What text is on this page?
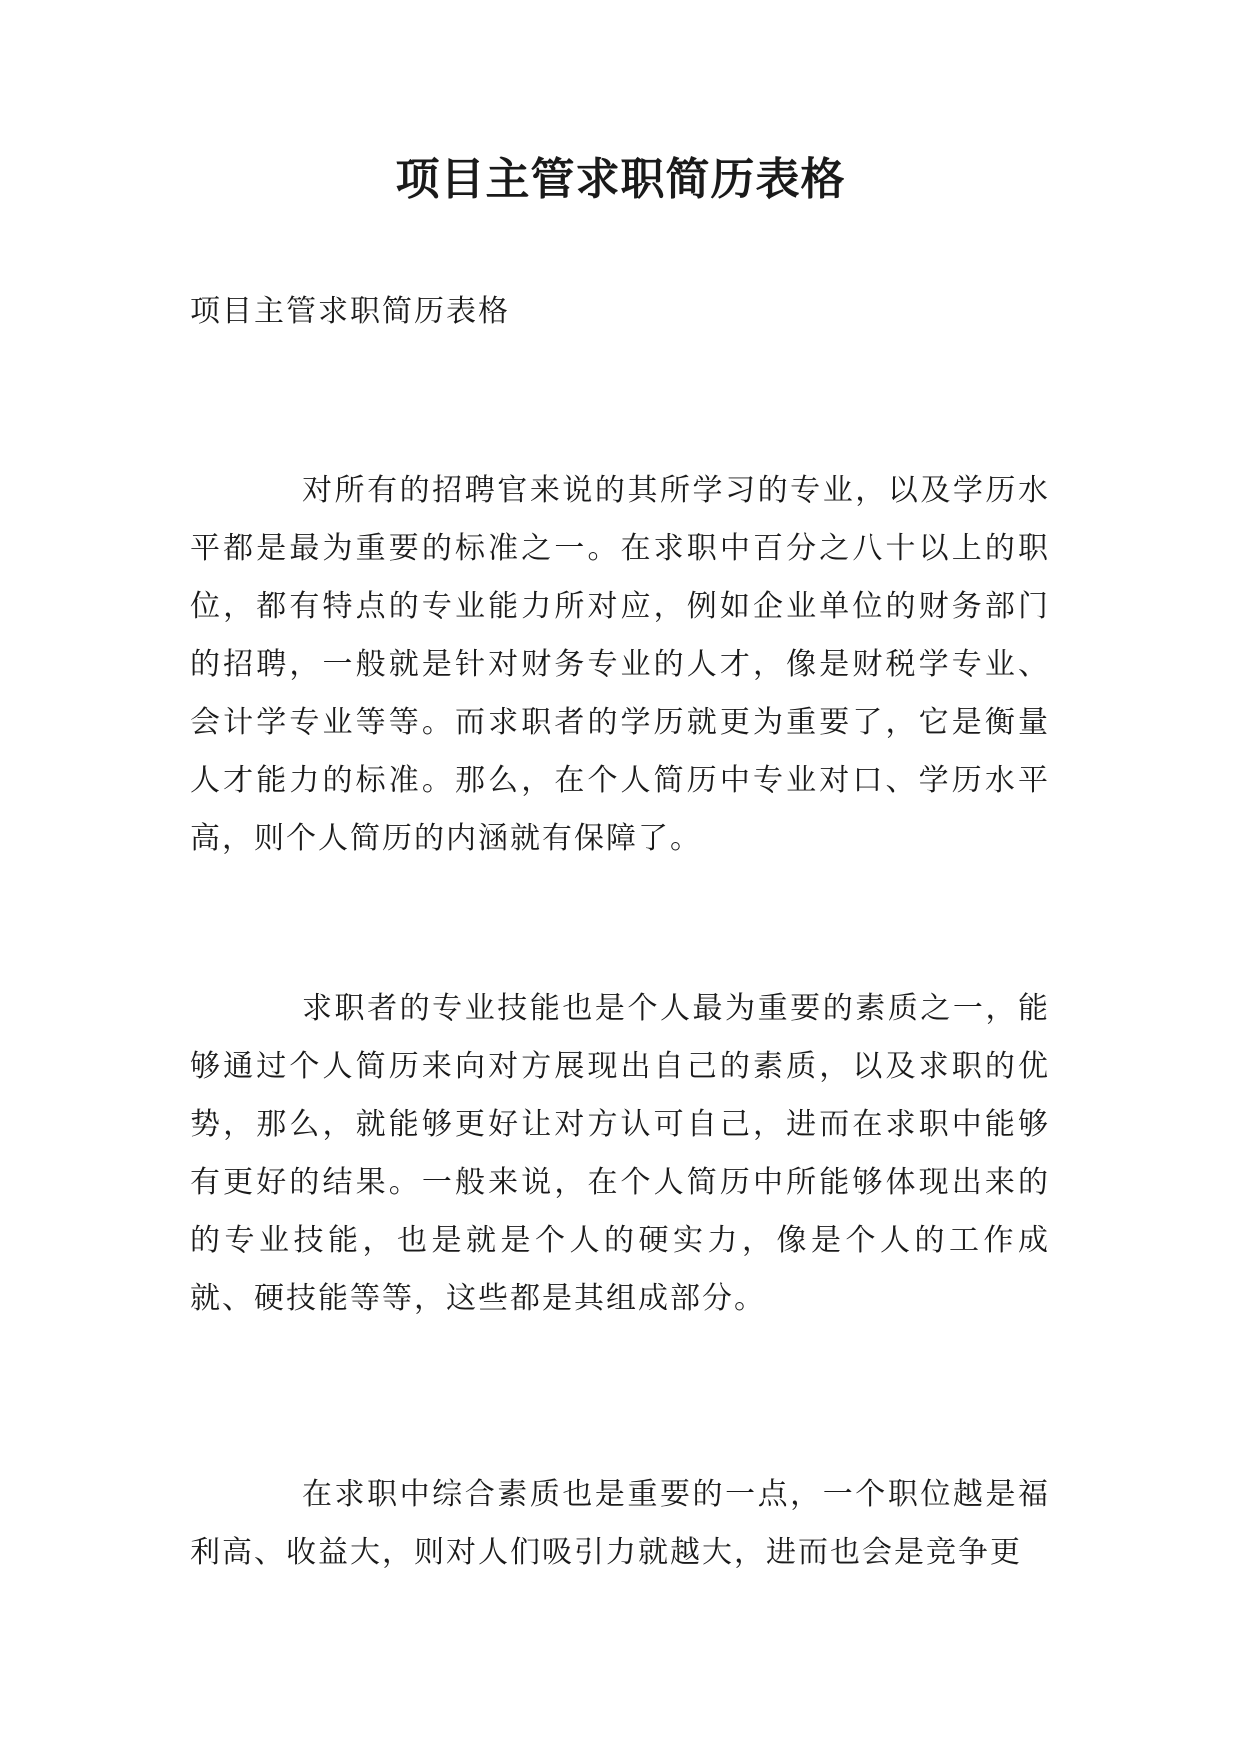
项目主管求职简历表格

项目主管求职简历表格

对所有的招聘官来说的其所学习的专业，以及学历水平都是最为重要的标准之一。在求职中百分之八十以上的职位，都有特点的专业能力所对应，例如企业单位的财务部门的招聘，一般就是针对财务专业的人才，像是财税学专业、会计学专业等等。而求职者的学历就更为重要了，它是衡量人才能力的标准。那么，在个人简历中专业对口、学历水平高，则个人简历的内涵就有保障了。

求职者的专业技能也是个人最为重要的素质之一，能够通过个人简历来向对方展现出自己的素质，以及求职的优势，那么，就能够更好让对方认可自己，进而在求职中能够有更好的结果。一般来说，在个人简历中所能够体现出来的的专业技能，也是就是个人的硬实力，像是个人的工作成就、硬技能等等，这些都是其组成部分。

在求职中综合素质也是重要的一点，一个职位越是福利高、收益大，则对人们吸引力就越大，进而也会是竞争更
